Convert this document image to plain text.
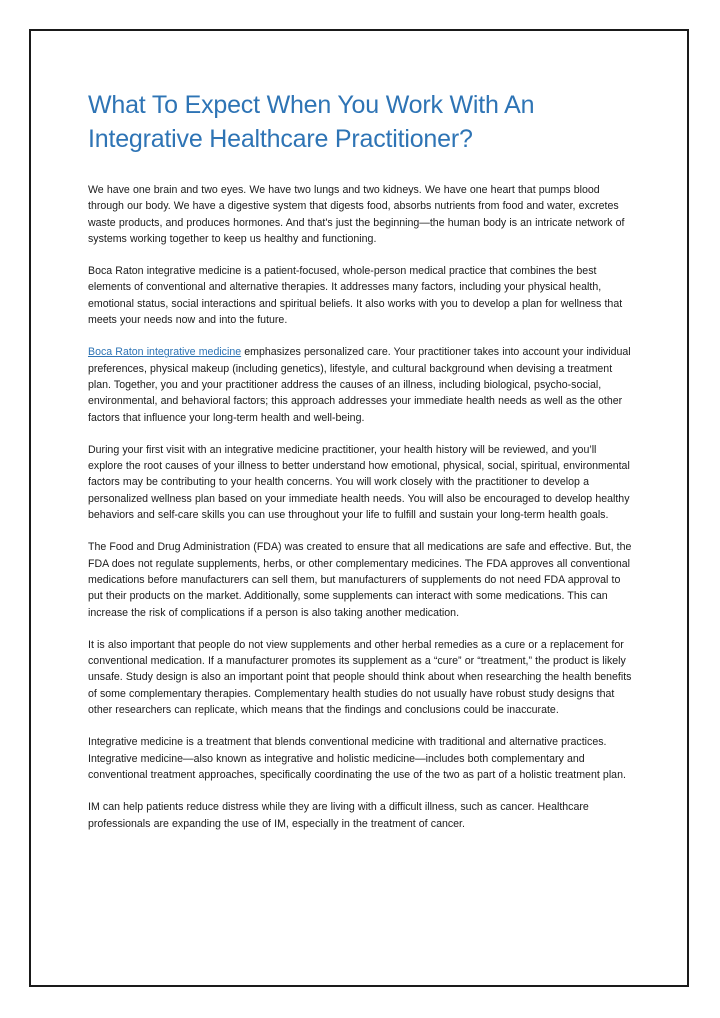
What To Expect When You Work With An Integrative Healthcare Practitioner?

We have one brain and two eyes. We have two lungs and two kidneys. We have one heart that pumps blood through our body. We have a digestive system that digests food, absorbs nutrients from food and water, excretes waste products, and produces hormones. And that's just the beginning—the human body is an intricate network of systems working together to keep us healthy and functioning.

Boca Raton integrative medicine is a patient-focused, whole-person medical practice that combines the best elements of conventional and alternative therapies. It addresses many factors, including your physical health, emotional status, social interactions and spiritual beliefs. It also works with you to develop a plan for wellness that meets your needs now and into the future.

Boca Raton integrative medicine emphasizes personalized care. Your practitioner takes into account your individual preferences, physical makeup (including genetics), lifestyle, and cultural background when devising a treatment plan. Together, you and your practitioner address the causes of an illness, including biological, psycho-social, environmental, and behavioral factors; this approach addresses your immediate health needs as well as the other factors that influence your long-term health and well-being.

During your first visit with an integrative medicine practitioner, your health history will be reviewed, and you’ll explore the root causes of your illness to better understand how emotional, physical, social, spiritual, environmental factors may be contributing to your health concerns. You will work closely with the practitioner to develop a personalized wellness plan based on your immediate health needs. You will also be encouraged to develop healthy behaviors and self-care skills you can use throughout your life to fulfill and sustain your long-term health goals.

The Food and Drug Administration (FDA) was created to ensure that all medications are safe and effective. But, the FDA does not regulate supplements, herbs, or other complementary medicines. The FDA approves all conventional medications before manufacturers can sell them, but manufacturers of supplements do not need FDA approval to put their products on the market. Additionally, some supplements can interact with some medications. This can increase the risk of complications if a person is also taking another medication.

It is also important that people do not view supplements and other herbal remedies as a cure or a replacement for conventional medication. If a manufacturer promotes its supplement as a “cure” or “treatment,” the product is likely unsafe. Study design is also an important point that people should think about when researching the health benefits of some complementary therapies. Complementary health studies do not usually have robust study designs that other researchers can replicate, which means that the findings and conclusions could be inaccurate.

Integrative medicine is a treatment that blends conventional medicine with traditional and alternative practices. Integrative medicine—also known as integrative and holistic medicine—includes both complementary and conventional treatment approaches, specifically coordinating the use of the two as part of a holistic treatment plan.

IM can help patients reduce distress while they are living with a difficult illness, such as cancer. Healthcare professionals are expanding the use of IM, especially in the treatment of cancer.
